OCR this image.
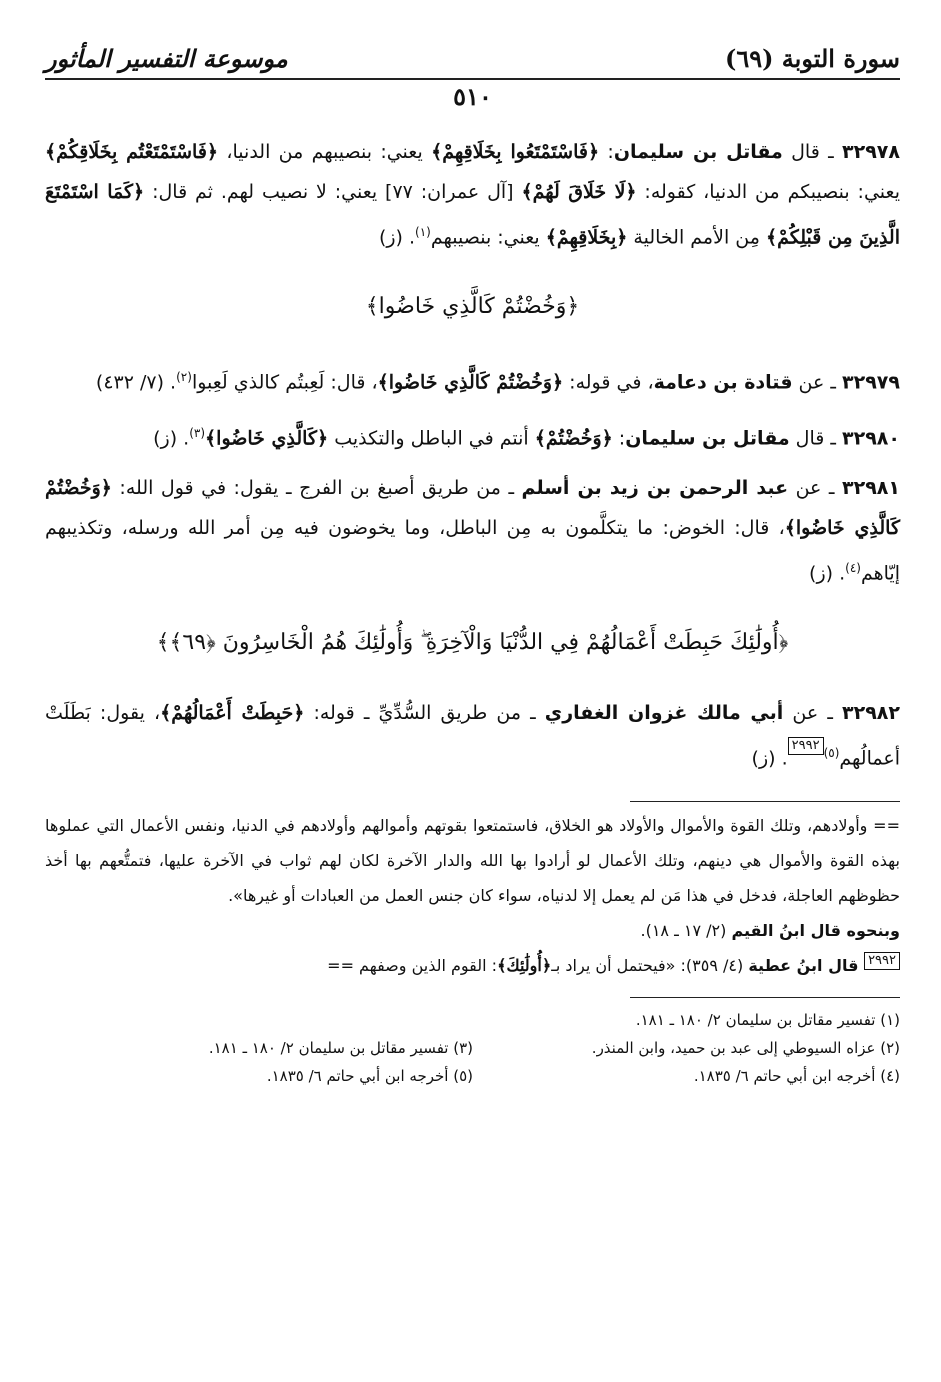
سورة التوبة (٦٩)
موسوعة التفسير المأثور
٥١٠

٣٢٩٧٨ ـ قال مقاتل بن سليمان: ﴿فَاسْتَمْتَعُوا بِخَلَاقِهِمْ﴾ يعني: بنصيبهم من الدنيا، ﴿فَاسْتَمْتَعْتُم بِخَلَاقِكُمْ﴾ يعني: بنصيبكم من الدنيا، كقوله: ﴿لَا خَلَاقَ لَهُمْ﴾ [آل عمران: ٧٧] يعني: لا نصيب لهم. ثم قال: ﴿كَمَا اسْتَمْتَعَ الَّذِينَ مِن قَبْلِكُمْ﴾ مِن الأمم الخالية ﴿بِخَلَاقِهِمْ﴾ يعني: بنصيبهم$^{(١)}$. (ز)

﴿وَخُضْتُمْ كَالَّذِي خَاضُوا﴾

٣٢٩٧٩ ـ عن قتادة بن دعامة، في قوله: ﴿وَخُضْتُمْ كَالَّذِي خَاضُوا﴾، قال: لَعِبتُم كالذي لَعِبوا$^{(٢)}$. (٧/ ٤٣٢)

٣٢٩٨٠ ـ قال مقاتل بن سليمان: ﴿وَخُضْتُمْ﴾ أنتم في الباطل والتكذيب ﴿كَالَّذِي خَاضُوا﴾$^{(٣)}$. (ز)

٣٢٩٨١ ـ عن عبد الرحمن بن زيد بن أسلم ـ من طريق أصبغ بن الفرج ـ يقول: في قول الله: ﴿وَخُضْتُمْ كَالَّذِي خَاضُوا﴾، قال: الخوض: ما يتكلَّمون به مِن الباطل، وما يخوضون فيه مِن أمر الله ورسله، وتكذيبهم إيّاهم$^{(٤)}$. (ز)

﴿أُولَٰئِكَ حَبِطَتْ أَعْمَالُهُمْ فِي الدُّنْيَا وَالْآخِرَةِ ۖ وَأُولَٰئِكَ هُمُ الْخَاسِرُونَ ﴿٦٩﴾﴾

٣٢٩٨٢ ـ عن أبي مالك غزوان الغفاري ـ من طريق السُّدِّيِّ ـ قوله: ﴿حَبِطَتْ أَعْمَالُهُمْ﴾، يقول: بَطَلَتْ أعمالُهم$^{(٥)}$٢٩٩٢. (ز)

== وأولادهم، وتلك القوة والأموال والأولاد هو الخلاق، فاستمتعوا بقوتهم وأموالهم وأولادهم في الدنيا، ونفس الأعمال التي عملوها بهذه القوة والأموال هي دينهم، وتلك الأعمال لو أرادوا بها الله والدار الآخرة لكان لهم ثواب في الآخرة عليها، فتمتُّعهم بها أخذ حظوظهم العاجلة، فدخل في هذا مَن لم يعمل إلا لدنياه، سواء كان جنس العمل من العبادات أو غيرها».

وبنحوه قال ابنُ القيم (٢/ ١٧ ـ ١٨).

٢٩٩٢ قال ابنُ عطية (٤/ ٣٥٩): «فيحتمل أن يراد بـ﴿أُولَٰئِكَ﴾: القوم الذين وصفهم ==

(١) تفسير مقاتل بن سليمان ٢/ ١٨٠ ـ ١٨١.
(٢) عزاه السيوطي إلى عبد بن حميد، وابن المنذر.
(٣) تفسير مقاتل بن سليمان ٢/ ١٨٠ ـ ١٨١.
(٤) أخرجه ابن أبي حاتم ٦/ ١٨٣٥.
(٥) أخرجه ابن أبي حاتم ٦/ ١٨٣٥.
